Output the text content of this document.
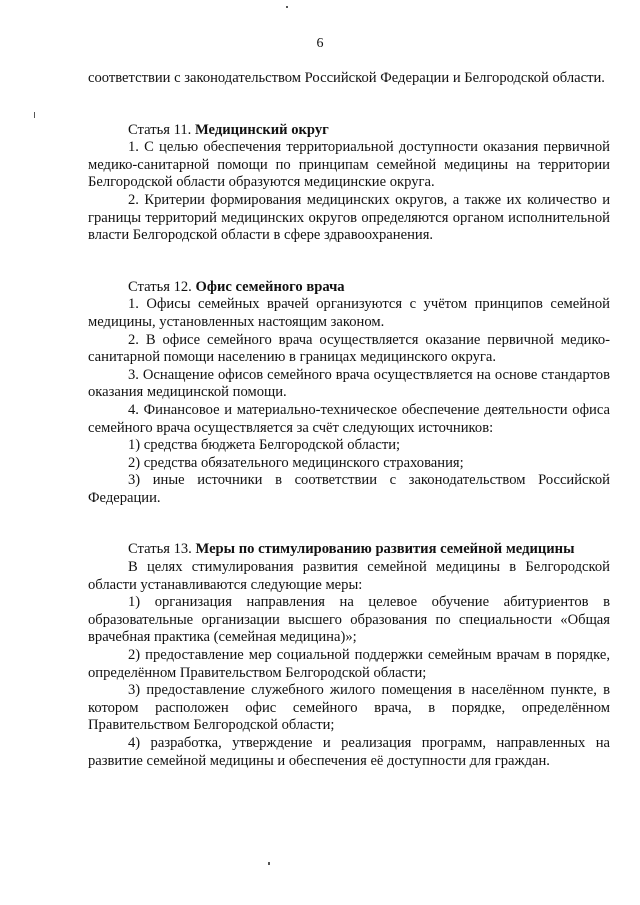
6

соответствии с законодательством Российской Федерации и Белгородской области.

Статья 11. Медицинский округ

1. С целью обеспечения территориальной доступности оказания первичной медико-санитарной помощи по принципам семейной медицины на территории Белгородской области образуются медицинские округа.

2. Критерии формирования медицинских округов, а также их количество и границы территорий медицинских округов определяются органом исполнительной власти Белгородской области в сфере здравоохранения.

Статья 12. Офис семейного врача

1. Офисы семейных врачей организуются с учётом принципов семейной медицины, установленных настоящим законом.

2. В офисе семейного врача осуществляется оказание первичной медико-санитарной помощи населению в границах медицинского округа.

3. Оснащение офисов семейного врача осуществляется на основе стандартов оказания медицинской помощи.

4. Финансовое и материально-техническое обеспечение деятельности офиса семейного врача осуществляется за счёт следующих источников:

1) средства бюджета Белгородской области;

2) средства обязательного медицинского страхования;

3) иные источники в соответствии с законодательством Российской Федерации.

Статья 13. Меры по стимулированию развития семейной медицины

В целях стимулирования развития семейной медицины в Белгородской области устанавливаются следующие меры:

1) организация направления на целевое обучение абитуриентов в образовательные организации высшего образования по специальности «Общая врачебная практика (семейная медицина)»;

2) предоставление мер социальной поддержки семейным врачам в порядке, определённом Правительством Белгородской области;

3) предоставление служебного жилого помещения в населённом пункте, в котором расположен офис семейного врача, в порядке, определённом Правительством Белгородской области;

4) разработка, утверждение и реализация программ, направленных на развитие семейной медицины и обеспечения её доступности для граждан.
